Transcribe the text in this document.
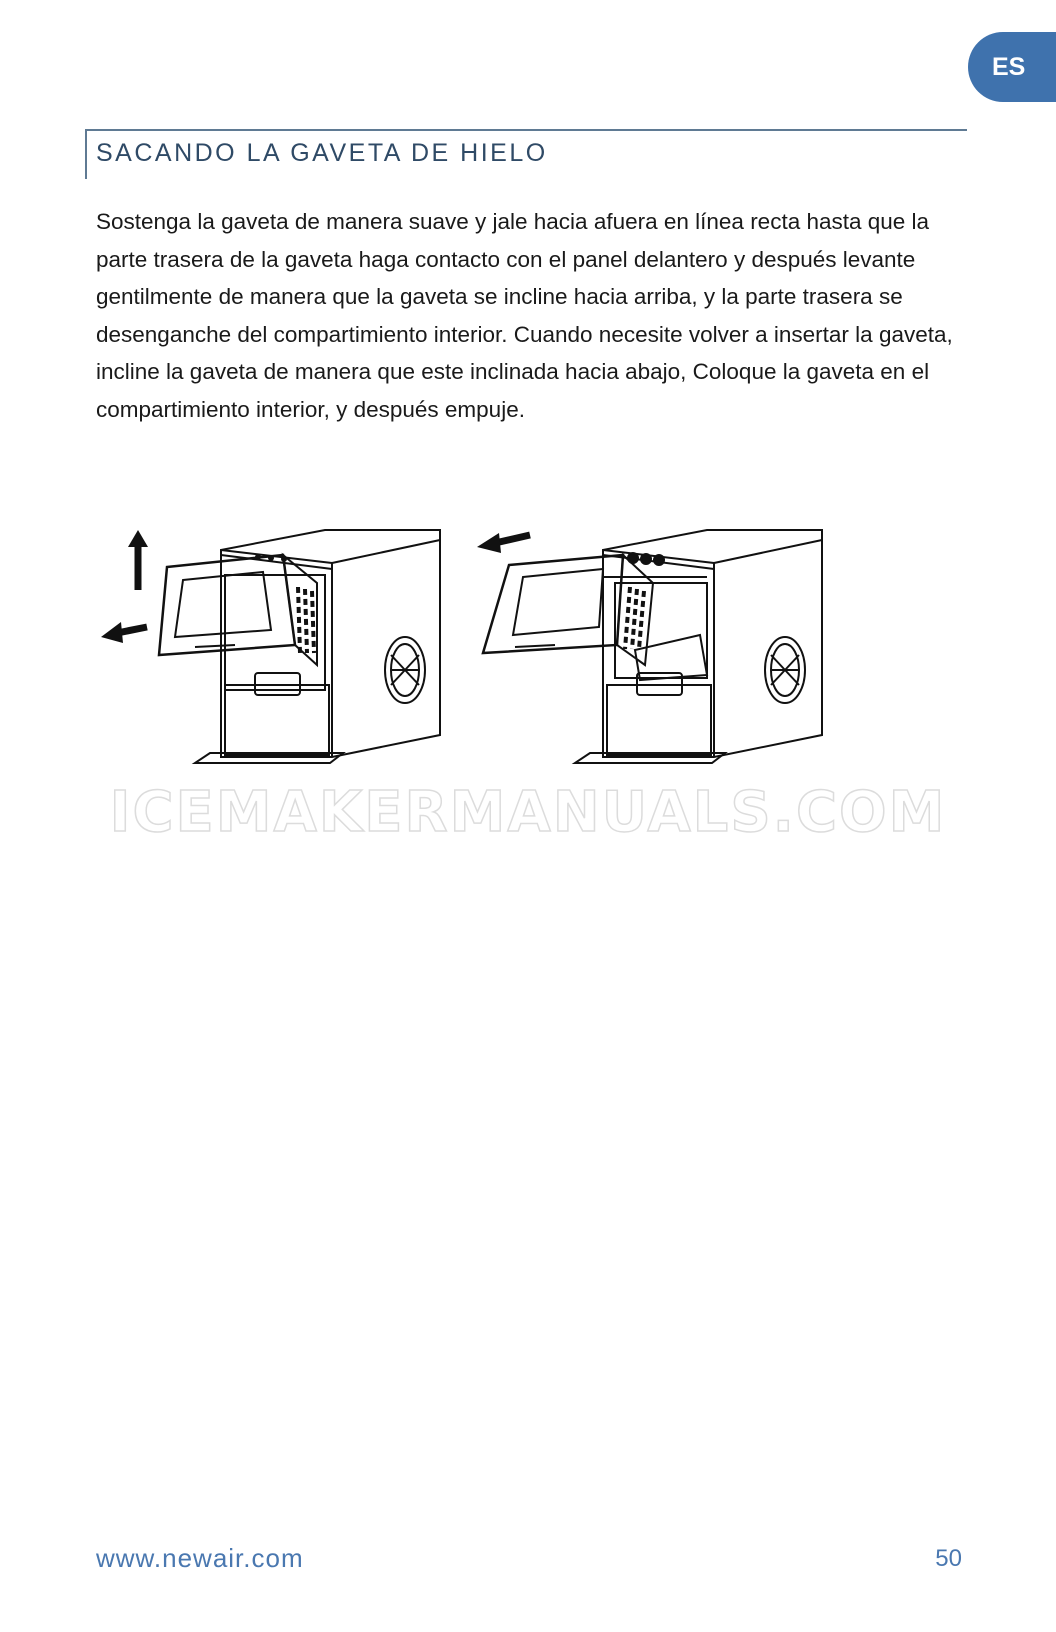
ES
SACANDO LA GAVETA DE HIELO
Sostenga la gaveta de manera suave y jale hacia afuera en línea recta hasta que la parte trasera de la gaveta haga contacto con el panel delantero y después levante gentilmente de manera que la gaveta se incline hacia arriba, y la parte trasera se desenganche del compartimiento interior. Cuando necesite volver a insertar la gaveta, incline la gaveta de manera que este inclinada hacia abajo, Coloque la gaveta en el compartimiento interior, y después empuje.
ICEMAKERMANUALS.COM
www.newair.com	50
